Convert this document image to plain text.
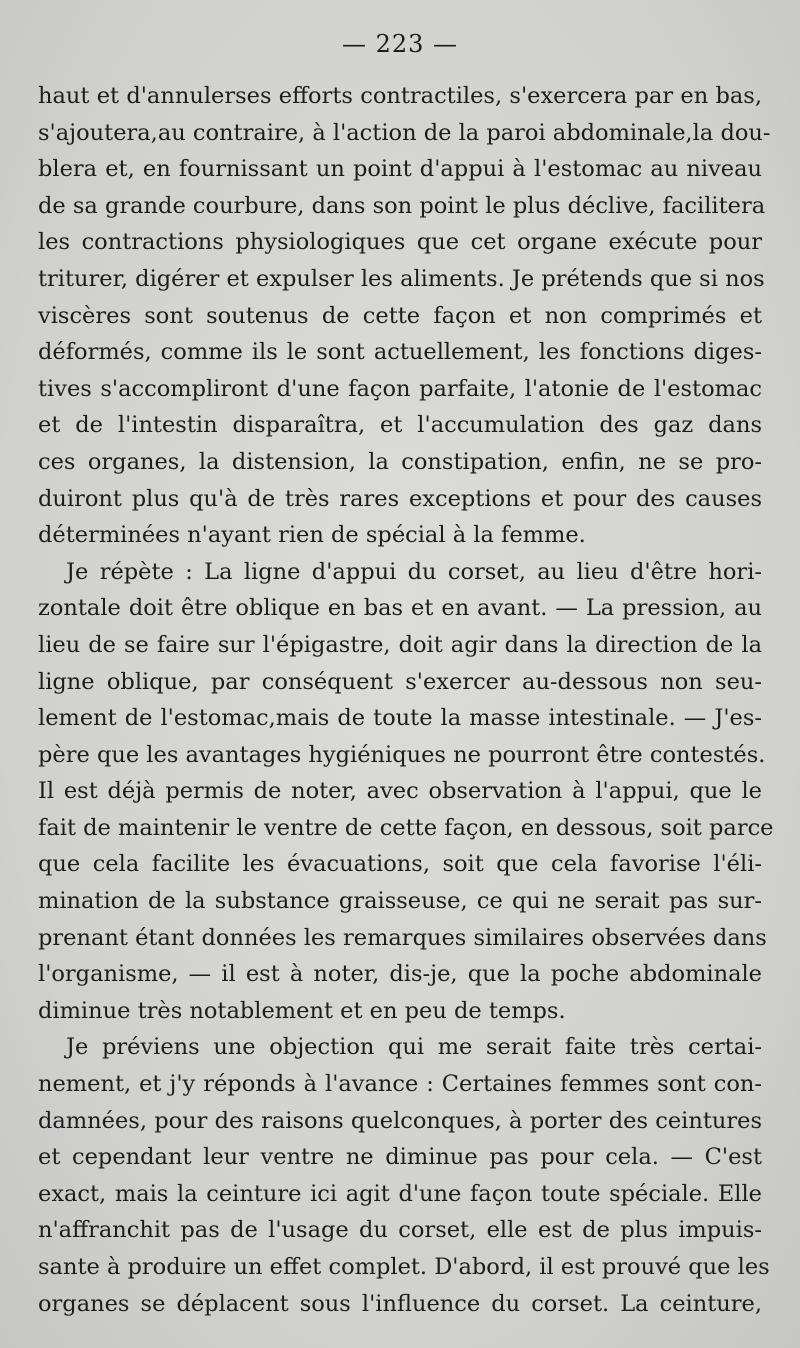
— 223 —
haut et d'annulerses efforts contractiles, s'exercera par en bas,
s'ajoutera,au contraire, à l'action de la paroi abdominale,la dou-
blera et, en fournissant un point d'appui à l'estomac au niveau
de sa grande courbure, dans son point le plus déclive, facilitera
les contractions physiologiques que cet organe exécute pour
triturer, digérer et expulser les aliments. Je prétends que si nos
viscères sont soutenus de cette façon et non comprimés et
déformés, comme ils le sont actuellement, les fonctions diges-
tives s'accompliront d'une façon parfaite, l'atonie de l'estomac
et de l'intestin disparaîtra, et l'accumulation des gaz dans
ces organes, la distension, la constipation, enfin, ne se pro-
duiront plus qu'à de très rares exceptions et pour des causes
déterminées n'ayant rien de spécial à la femme.
Je répète : La ligne d'appui du corset, au lieu d'être hori-
zontale doit être oblique en bas et en avant. — La pression, au
lieu de se faire sur l'épigastre, doit agir dans la direction de la
ligne oblique, par conséquent s'exercer au-dessous non seu-
lement de l'estomac,mais de toute la masse intestinale. — J'es-
père que les avantages hygiéniques ne pourront être contestés.
Il est déjà permis de noter, avec observation à l'appui, que le
fait de maintenir le ventre de cette façon, en dessous, soit parce
que cela facilite les évacuations, soit que cela favorise l'éli-
mination de la substance graisseuse, ce qui ne serait pas sur-
prenant étant données les remarques similaires observées dans
l'organisme, — il est à noter, dis-je, que la poche abdominale
diminue très notablement et en peu de temps.
Je préviens une objection qui me serait faite très certai-
nement, et j'y réponds à l'avance : Certaines femmes sont con-
damnées, pour des raisons quelconques, à porter des ceintures
et cependant leur ventre ne diminue pas pour cela. — C'est
exact, mais la ceinture ici agit d'une façon toute spéciale. Elle
n'affranchit pas de l'usage du corset, elle est de plus impuis-
sante à produire un effet complet. D'abord, il est prouvé que les
organes se déplacent sous l'influence du corset. La ceinture,
